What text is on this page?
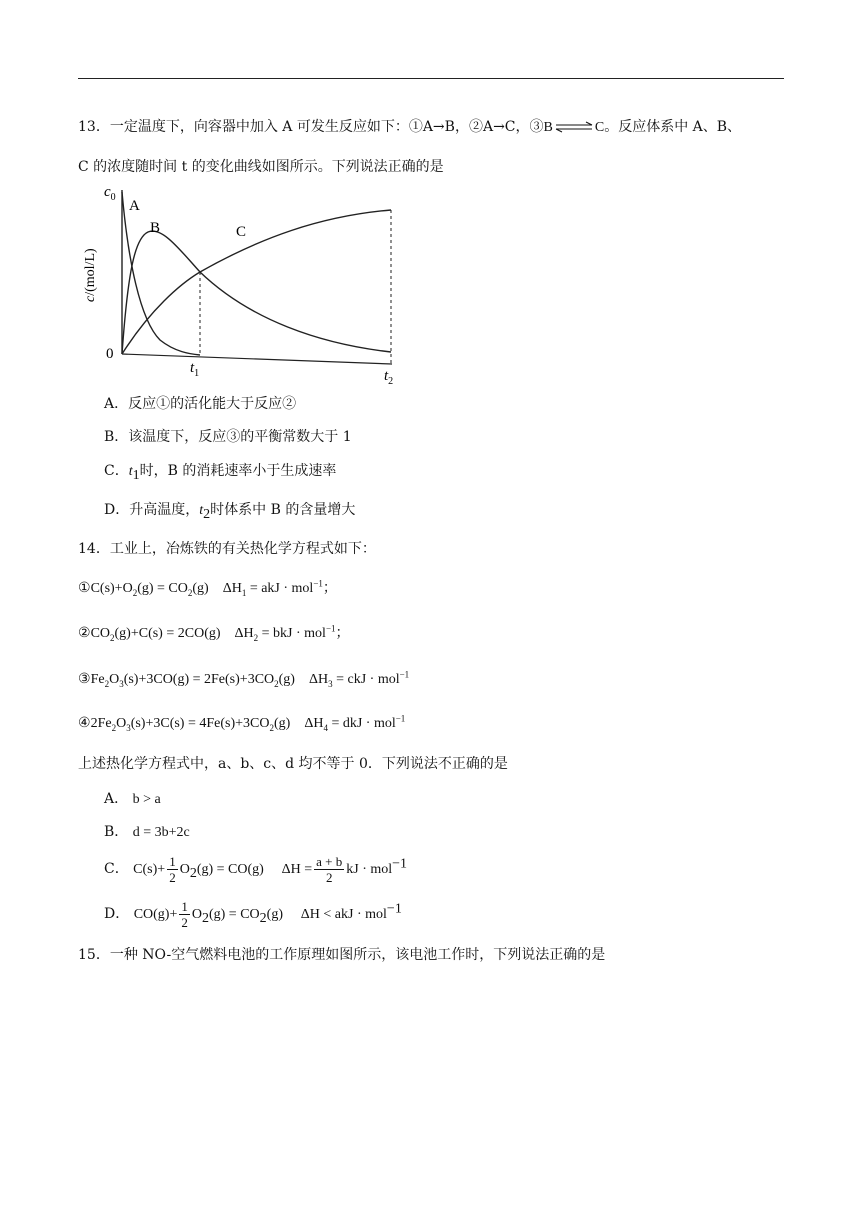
13．一定温度下，向容器中加入 A 可发生反应如下：①A→B，②A→C，③B⇌C。反应体系中 A、B、
C 的浓度随时间 t 的变化曲线如图所示。下列说法正确的是
$c_0$
c/(mol/L)
0
$t_1$	$t_2$
A
B	C
A．反应①的活化能大于反应②
B．该温度下，反应③的平衡常数大于 1
C．$t_1$时，B 的消耗速率小于生成速率
D．升高温度，$t_2$时体系中 B 的含量增大
14．工业上，冶炼铁的有关热化学方程式如下：
$①C(s)+O_2(g) = CO_2(g) \Delta H_1$ = akJ · mol$^{-1}$；
$②CO_2(g)+C(s) = 2CO(g) \Delta H_2$ = bkJ · mol$^{-1}$；
$③Fe_2O_3(s)+3CO(g) = 2Fe(s)+3CO_2(g) \Delta H_3$ = ckJ · mol$^{-1}$
$④2Fe_2O_3(s)+3C(s) = 4Fe(s)+3CO_2(g) \Delta H_4$ = dkJ · mol$^{-1}$
上述热化学方程式中，a、b、c、d 均不等于 0．下列说法不正确的是
A． b > a
B． d = 3b+2c
C． $C(s)+ \frac{1}{2} O_2(g) = CO(g) \Delta H = \frac{a + b}{2}$ kJ · mol$^{-1}$
D． $CO(g)+ \frac{1}{2} O_2(g) = CO_2(g) \Delta H$ < akJ · mol$^{-1}$
15．一种 NO-空气燃料电池的工作原理如图所示，该电池工作时，下列说法正确的是
